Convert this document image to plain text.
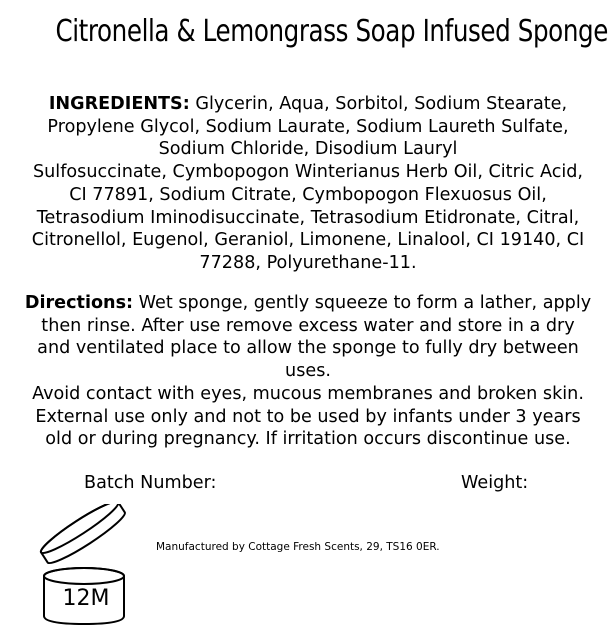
Citronella & Lemongrass Soap Infused Sponge
INGREDIENTS: Glycerin, Aqua, Sorbitol, Sodium Stearate,
Propylene Glycol, Sodium Laurate, Sodium Laureth Sulfate,
Sodium Chloride, Disodium Lauryl
Sulfosuccinate, Cymbopogon Winterianus Herb Oil, Citric Acid,
CI 77891, Sodium Citrate, Cymbopogon Flexuosus Oil,
Tetrasodium Iminodisuccinate, Tetrasodium Etidronate, Citral,
Citronellol, Eugenol, Geraniol, Limonene, Linalool, CI 19140, CI
77288, Polyurethane-11.
Directions: Wet sponge, gently squeeze to form a lather, apply
then rinse. After use remove excess water and store in a dry
and ventilated place to allow the sponge to fully dry between
uses.
Avoid contact with eyes, mucous membranes and broken skin.
External use only and not to be used by infants under 3 years
old or during pregnancy. If irritation occurs discontinue use.
Batch Number:	Weight:
12M
Manufactured by Cottage Fresh Scents, 29, TS16 0ER.
